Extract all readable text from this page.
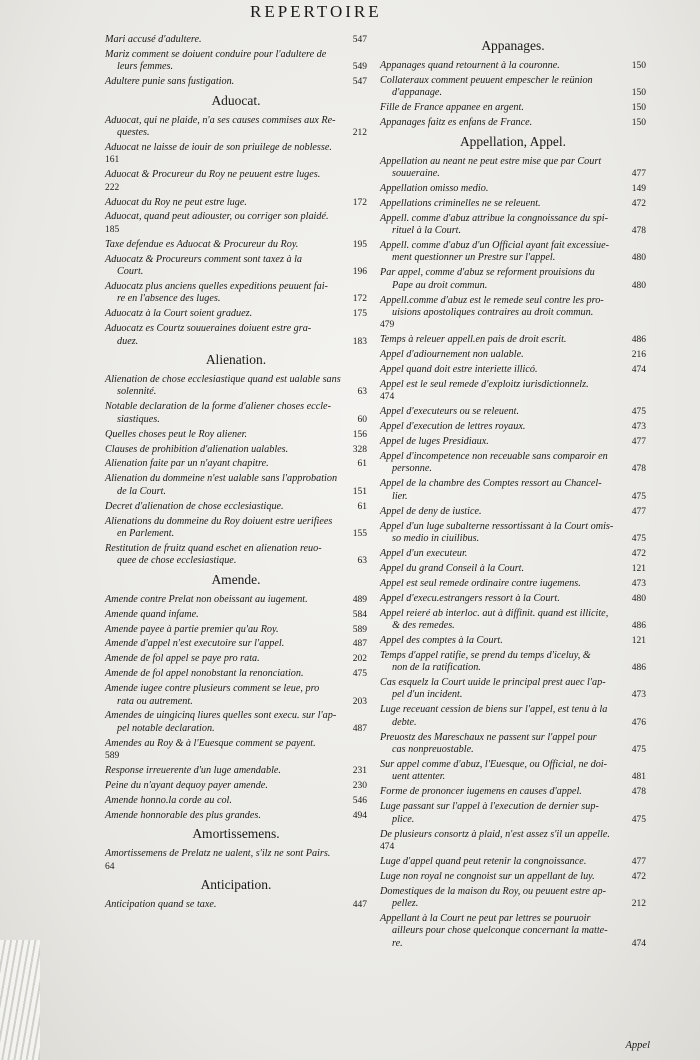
REPERTOIRE
Mari accusé d'adultere.	547
Mariz comment se doiuent conduire pour l'adultere de
leurs femmes.	549
Adultere punie sans fustigation.	547
Aduocat.
Aduocat, qui ne plaide, n'a ses causes commises aux Re-
questes.	212
Aduocat ne laisse de iouir de son priuilege de noblesse.
161
Aduocat & Procureur du Roy ne peuuent estre luges.
222
Aduocat du Roy ne peut estre luge.	172
Aduocat, quand peut adiouster, ou corriger son plaidé.
185
Taxe defendue es Aduocat & Procureur du Roy.	195
Aduocatz & Procureurs comment sont taxez à la
Court.	196
Aduocatz plus anciens quelles expeditions peuuent fai-
re en l'absence des luges.	172
Aduocatz à la Court soient graduez.	175
Aduocatz es Courtz souueraines doiuent estre gra-
duez.	183
Alienation.
Alienation de chose ecclesiastique quand est ualable sans
solennité.	63
Notable declaration de la forme d'aliener choses eccle-
siastiques.	60
Quelles choses peut le Roy aliener.	156
Clauses de prohibition d'alienation ualables.	328
Alienation faite par un n'ayant chapitre.	61
Alienation du dommeine n'est ualable sans l'approbation
de la Court.	151
Decret d'alienation de chose ecclesiastique.	61
Alienations du dommeine du Roy doiuent estre uerifiees
en Parlement.	155
Restitution de fruitz quand eschet en alienation reuo-
quee de chose ecclesiastique.	63
Amende.
Amende contre Prelat non obeissant au iugement.	489
Amende quand infame.	584
Amende payee à partie premier qu'au Roy.	589
Amende d'appel n'est executoire sur l'appel.	487
Amende de fol appel se paye pro rata.	202
Amende de fol appel nonobstant la renonciation.	475
Amende iugee contre plusieurs comment se leue, pro
rata ou autrement.	203
Amendes de uingicinq liures quelles sont execu. sur l'ap-
pel notable declaration.	487
Amendes au Roy & à l'Euesque comment se payent.
589
Response irreuerente d'un luge amendable.	231
Peine du n'ayant dequoy payer amende.	230
Amende honno.la corde au col.	546
Amende honnorable des plus grandes.	494
Amortissemens.
Amortissemens de Prelatz ne ualent, s'ilz ne sont Pairs.
64
Anticipation.
Anticipation quand se taxe.	447
Appanages.
Appanages quand retournent à la couronne.	150
Collateraux comment peuuent empescher le reünion
d'appanage.	150
Fille de France appanee en argent.	150
Appanages faitz es enfans de France.	150
Appellation, Appel.
Appellation au neant ne peut estre mise que par Court
souueraine.	477
Appellation omisso medio.	149
Appellations criminelles ne se releuent.	472
Appell. comme d'abuz attribue la congnoissance du spi-
rituel à la Court.	478
Appell. comme d'abuz d'un Official ayant fait excessiue-
ment questionner un Prestre sur l'appel.	480
Par appel, comme d'abuz se reforment prouisions du
Pape au droit commun.	480
Appell.comme d'abuz est le remede seul contre les pro-
uisions apostoliques contraires au droit commun.
479
Temps à releuer appell.en pais de droit escrit.	486
Appel d'adiournement non ualable.	216
Appel quand doit estre interiette illicó.	474
Appel est le seul remede d'exploitz iurisdictionnelz.
474
Appel d'executeurs ou se releuent.	475
Appel d'execution de lettres royaux.	473
Appel de luges Presidiaux.	477
Appel d'incompetence non receuable sans comparoir en
personne.	478
Appel de la chambre des Comptes ressort au Chancel-
lier.	475
Appel de deny de iustice.	477
Appel d'un luge subalterne ressortissant à la Court omis-
so medio in ciuilibus.	475
Appel d'un executeur.	472
Appel du grand Conseil à la Court.	121
Appel est seul remede ordinaire contre iugemens.	473
Appel d'execu.estrangers ressort à la Court.	480
Appel reieré ab interloc. aut à diffinit. quand est illicite,
& des remedes.	486
Appel des comptes à la Court.	121
Temps d'appel ratifie, se prend du temps d'iceluy, &
non de la ratification.	486
Cas esquelz la Court uuide le principal prest auec l'ap-
pel d'un incident.	473
Luge receuant cession de biens sur l'appel, est tenu à la
debte.	476
Preuostz des Mareschaux ne passent sur l'appel pour
cas nonpreuostable.	475
Sur appel comme d'abuz, l'Euesque, ou Official, ne doi-
uent attenter.	481
Forme de prononcer iugemens en causes d'appel.	478
Luge passant sur l'appel à l'execution de dernier sup-
plice.	475
De plusieurs consortz à plaid, n'est assez s'il un appelle.
474
Luge d'appel quand peut retenir la congnoissance.	477
Luge non royal ne congnoist sur un appellant de luy.	472
Domestiques de la maison du Roy, ou peuuent estre ap-
pellez.	212
Appellant à la Court ne peut par lettres se pouruoir
ailleurs pour chose quelconque concernant la matte-
re.	474
Appel
